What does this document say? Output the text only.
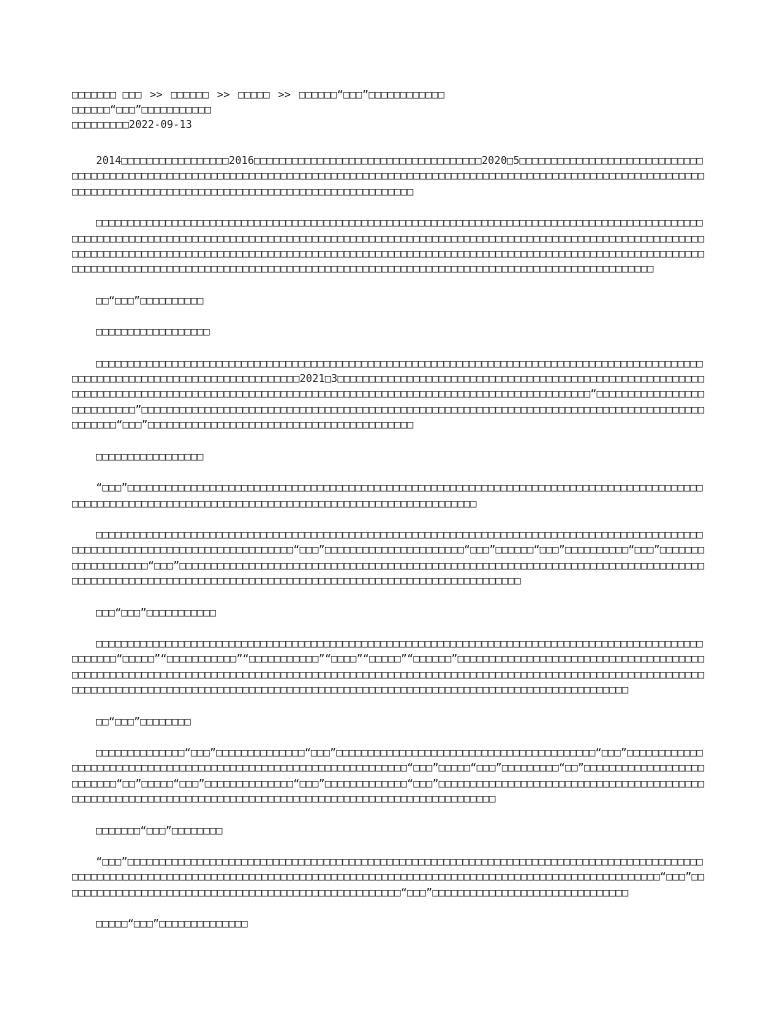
□□□□□□□ □□□ >> □□□□□□ >> □□□□□ >> □□□□□□“□□□”□□□□□□□□□□□□
□□□□□□“□□□”□□□□□□□□□□□
□□□□□□□□□2022-09-13

2014□□□□□□□□□□□□□□□□□2016□□□□□□□□□□□□□□□□□□□□□□□□□□□□□□□□□□□□2020□5□□□□□□□□□□□□□□□□□□□□□□□□□□□□□□□□□□□□□□□□□□□□□□□□□□□□□□□□□□□□□□□□□□□□□□□□□□□□□□□□□□□□□□□□□□□□□□□□□□□□□□□□□□□□□□□□□□□□□□□□□□□□□□□□□□□□□□□□□□□□□□□□□□□□□□□□□□□□□□□□□□□□□□□□□□□□□□□□□□□□□□□

□□□□□□□□□□□□□□□□□□□□□□□□□□□□□□□□□□□□□□□□□□□□□□□□□□□□□□□□□□□□□□□□□□□□□□□□□□□□□□□□□□□□□□□□□□□□□□□□□□□□□□□□□□□□□□□□□□□□□□□□□□□□□□□□□□□□□□□□□□□□□□□□□□□□□□□□□□□□□□□□□□□□□□□□□□□□□□□□□□□□□□□□□□□□□□□□□□□□□□□□□□□□□□□□□□□□□□□□□□□□□□□□□□□□□□□□□□□□□□□□□□□□□□□□□□□□□□□□□□□□□□□□□□□□□□□□□□□□□□□□□□□□□□□□□□□□□□□□□□□□□□□□□□□□□□□□□□□□□□□□□□□□□□□□□□□□□□□□□□□□□□□□□□□□□□□□□□□□□□□□□□□□□□□□□□□□□□□□□□□□□□□□□□□□

□□“□□□”□□□□□□□□□□

□□□□□□□□□□□□□□□□□□

□□□□□□□□□□□□□□□□□□□□□□□□□□□□□□□□□□□□□□□□□□□□□□□□□□□□□□□□□□□□□□□□□□□□□□□□□□□□□□□□□□□□□□□□□□□□□□□□□□□□□□□□□□□□□□□□□□□□□□□□□□□□□□□□□□□□2021□3□□□□□□□□□□□□□□□□□□□□□□□□□□□□□□□□□□□□□□□□□□□□□□□□□□□□□□□□□□□□□□□□□□□□□□□□□□□□□□□□□□□□□□□□□□□□□□□□□□□□□□□□□□□□□□□□□□□□□□□□□□□□□□□□□□□□□□□□□□□□“□□□□□□□□□□□□□□□□□□□□□□□□□□□”□□□□□□□□□□□□□□□□□□□□□□□□□□□□□□□□□□□□□□□□□□□□□□□□□□□□□□□□□□□□□□□□□□□□□□□□□□□□□□□□□□□□□□□□□□□□□□□□“□□□”□□□□□□□□□□□□□□□□□□□□□□□□□□□□□□□□□□□□□□□□□□

□□□□□□□□□□□□□□□□□

“□□□”□□□□□□□□□□□□□□□□□□□□□□□□□□□□□□□□□□□□□□□□□□□□□□□□□□□□□□□□□□□□□□□□□□□□□□□□□□□□□□□□□□□□□□□□□□□□□□□□□□□□□□□□□□□□□□□□□□□□□□□□□□□□□□□□□□□□□□□□□□□□□□□□□□□□□□□□□□□

□□□□□□□□□□□□□□□□□□□□□□□□□□□□□□□□□□□□□□□□□□□□□□□□□□□□□□□□□□□□□□□□□□□□□□□□□□□□□□□□□□□□□□□□□□□□□□□□□□□□□□□□□□□□□□□□□□□□□□□□□□□□□□□□□□□“□□□”□□□□□□□□□□□□□□□□□□□□□□“□□□”□□□□□□“□□□”□□□□□□□□□□“□□□”□□□□□□□□□□□□□□□□□□□“□□□”□□□□□□□□□□□□□□□□□□□□□□□□□□□□□□□□□□□□□□□□□□□□□□□□□□□□□□□□□□□□□□□□□□□□□□□□□□□□□□□□□□□□□□□□□□□□□□□□□□□□□□□□□□□□□□□□□□□□□□□□□□□□□□□□□□□□□□□□□□□□□□□□□□□□□□□□□□

□□□“□□□”□□□□□□□□□□□

□□□□□□□□□□□□□□□□□□□□□□□□□□□□□□□□□□□□□□□□□□□□□□□□□□□□□□□□□□□□□□□□□□□□□□□□□□□□□□□□□□□□□□□□□□□□□□□□□□□□□□□“□□□□□”“□□□□□□□□□□□”“□□□□□□□□□□□”“□□□□”“□□□□□”“□□□□□□”□□□□□□□□□□□□□□□□□□□□□□□□□□□□□□□□□□□□□□□□□□□□□□□□□□□□□□□□□□□□□□□□□□□□□□□□□□□□□□□□□□□□□□□□□□□□□□□□□□□□□□□□□□□□□□□□□□□□□□□□□□□□□□□□□□□□□□□□□□□□□□□□□□□□□□□□□□□□□□□□□□□□□□□□□□□□□□□□□□□□□□□□□□□□□□□□□□□□□□□□□□□□□□□□□□□□□□□□□□□□□□□□□□□

□□“□□□”□□□□□□□□

□□□□□□□□□□□□□□“□□□”□□□□□□□□□□□□□□“□□□”□□□□□□□□□□□□□□□□□□□□□□□□□□□□□□□□□□□□□□□□□“□□□”□□□□□□□□□□□□□□□□□□□□□□□□□□□□□□□□□□□□□□□□□□□□□□□□□□□□□□□□□□□□□□□□□“□□□”□□□□□“□□□”□□□□□□□□□“□□”□□□□□□□□□□□□□□□□□□□□□□□□□□“□□”□□□□□“□□□”□□□□□□□□□□□□□□“□□□”□□□□□□□□□□□□□“□□□”□□□□□□□□□□□□□□□□□□□□□□□□□□□□□□□□□□□□□□□□□□□□□□□□□□□□□□□□□□□□□□□□□□□□□□□□□□□□□□□□□□□□□□□□□□□□□□□□□□□□□□□□□□□□□

□□□□□□□“□□□”□□□□□□□□

“□□□”□□□□□□□□□□□□□□□□□□□□□□□□□□□□□□□□□□□□□□□□□□□□□□□□□□□□□□□□□□□□□□□□□□□□□□□□□□□□□□□□□□□□□□□□□□□□□□□□□□□□□□□□□□□□□□□□□□□□□□□□□□□□□□□□□□□□□□□□□□□□□□□□□□□□□□□□□□□□□□□□□□□□□□□□□□□□□□□□□□□□□□□□“□□□”□□□□□□□□□□□□□□□□□□□□□□□□□□□□□□□□□□□□□□□□□□□□□□□□□□□□□□“□□□”□□□□□□□□□□□□□□□□□□□□□□□□□□□□□□□

□□□□□“□□□”□□□□□□□□□□□□□□
